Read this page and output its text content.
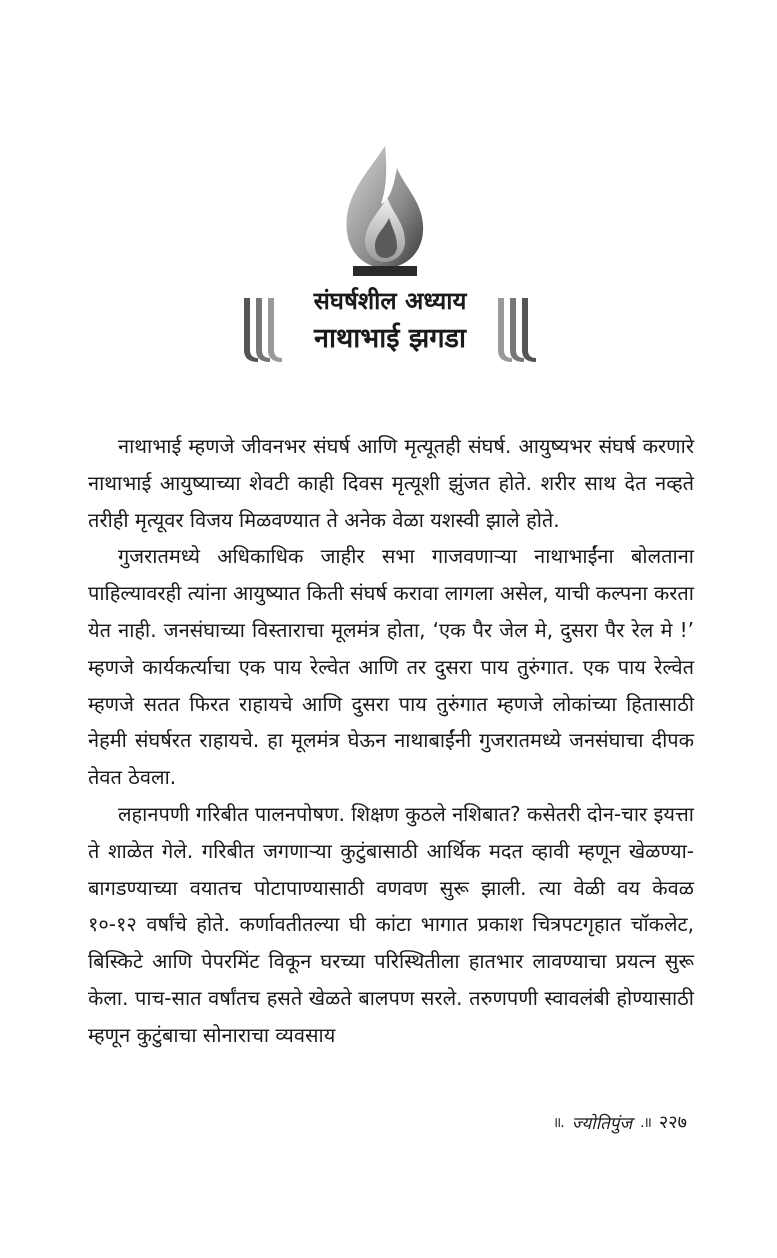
संघर्षशील अध्याय
नाथाभाई झगडा

नाथाभाई म्हणजे जीवनभर संघर्ष आणि मृत्यूतही संघर्ष. आयुष्यभर संघर्ष करणारे नाथाभाई आयुष्याच्या शेवटी काही दिवस मृत्यूशी झुंजत होते. शरीर साथ देत नव्हते तरीही मृत्यूवर विजय मिळवण्यात ते अनेक वेळा यशस्वी झाले होते.

गुजरातमध्ये अधिकाधिक जाहीर सभा गाजवणाऱ्या नाथाभाईंना बोलताना पाहिल्यावरही त्यांना आयुष्यात किती संघर्ष करावा लागला असेल, याची कल्पना करता येत नाही. जनसंघाच्या विस्ताराचा मूलमंत्र होता, ‘एक पैर जेल मे, दुसरा पैर रेल मे !’ म्हणजे कार्यकर्त्याचा एक पाय रेल्वेत आणि तर दुसरा पाय तुरुंगात. एक पाय रेल्वेत म्हणजे सतत फिरत राहायचे आणि दुसरा पाय तुरुंगात म्हणजे लोकांच्या हितासाठी नेहमी संघर्षरत राहायचे. हा मूलमंत्र घेऊन नाथाबाईंनी गुजरातमध्ये जनसंघाचा दीपक तेवत ठेवला.

लहानपणी गरिबीत पालनपोषण. शिक्षण कुठले नशिबात? कसेतरी दोन-चार इयत्ता ते शाळेत गेले. गरिबीत जगणाऱ्या कुटुंबासाठी आर्थिक मदत व्हावी म्हणून खेळण्या-बागडण्याच्या वयातच पोटापाण्यासाठी वणवण सुरू झाली. त्या वेळी वय केवळ १०-१२ वर्षांचे होते. कर्णावतीतल्या घी कांटा भागात प्रकाश चित्रपटगृहात चॉकलेट, बिस्किटे आणि पेपरमिंट विकून घरच्या परिस्थितीला हातभार लावण्याचा प्रयत्न सुरू केला. पाच-सात वर्षांतच हसते खेळते बालपण सरले. तरुणपणी स्वावलंबी होण्यासाठी म्हणून कुटुंबाचा सोनाराचा व्यवसाय

॥. ज्योतिपुंज .॥ २२७
